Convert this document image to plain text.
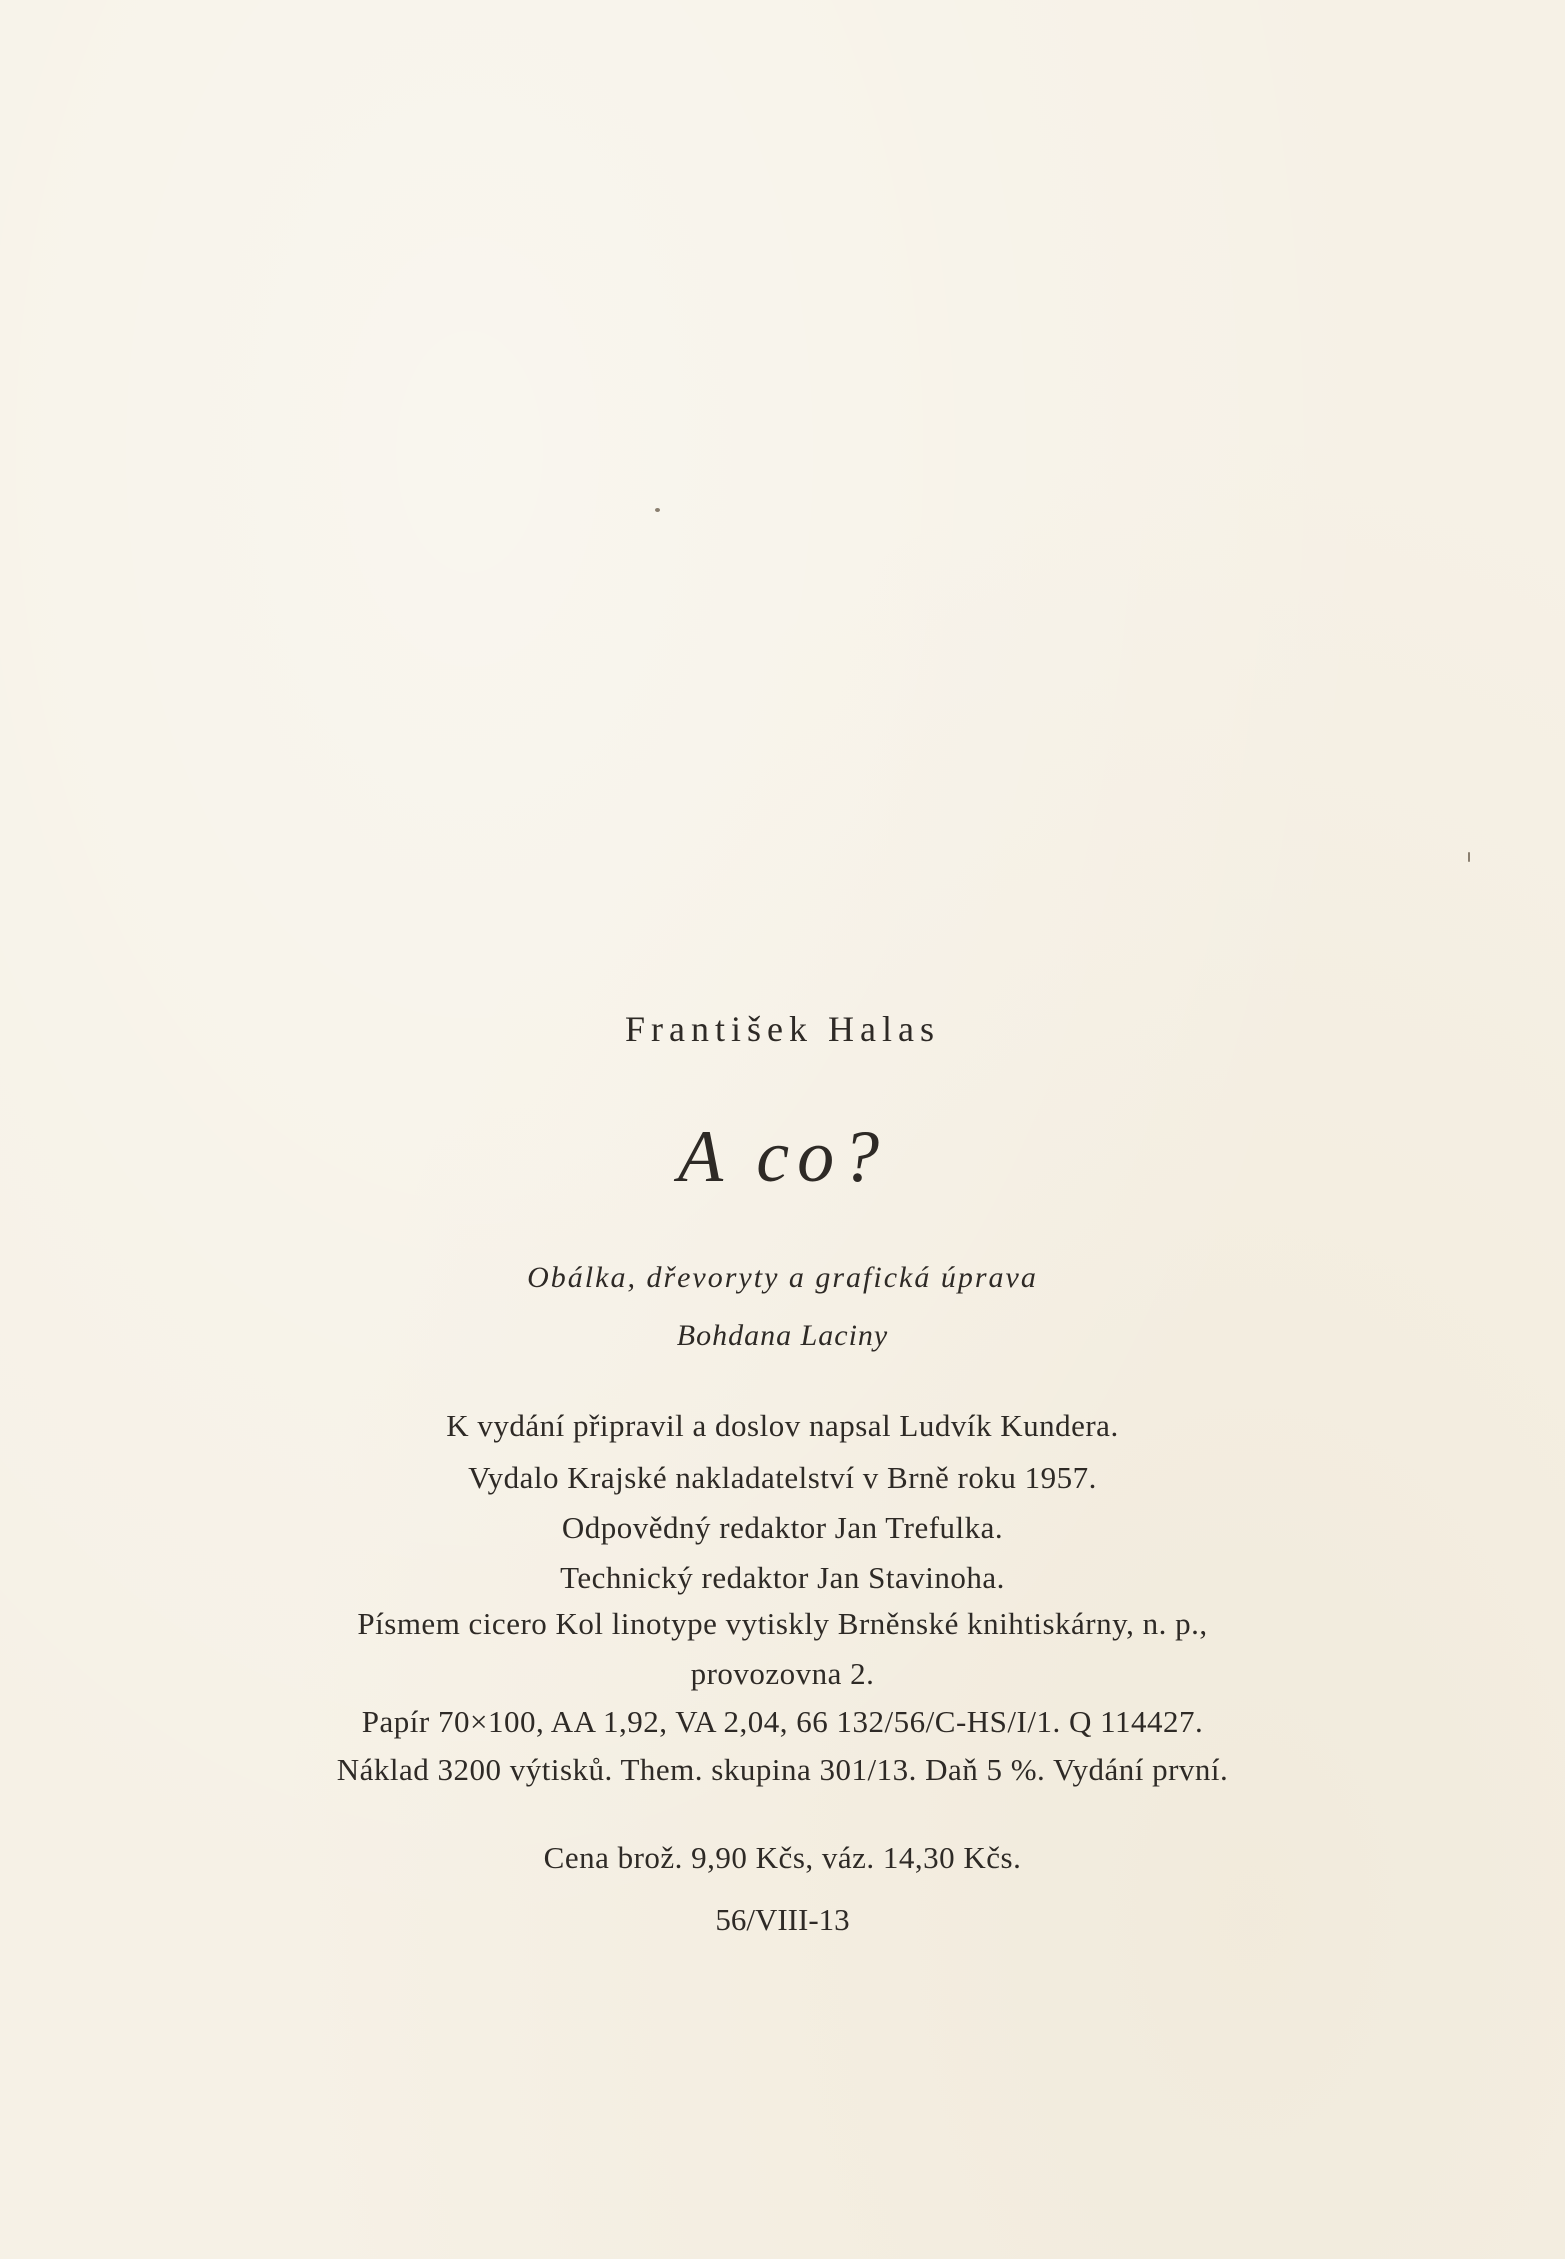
František Halas
A co?
Obálka, dřevoryty a grafická úprava
Bohdana Laciny
K vydání připravil a doslov napsal Ludvík Kundera.
Vydalo Krajské nakladatelství v Brně roku 1957.
Odpovědný redaktor Jan Trefulka.
Technický redaktor Jan Stavinoha.
Písmem cicero Kol linotype vytiskly Brněnské knihtiskárny, n. p.,
provozovna 2.
Papír 70×100, AA 1,92, VA 2,04, 66 132/56/C-HS/I/1. Q 114427.
Náklad 3200 výtisků. Them. skupina 301/13. Daň 5 %. Vydání první.
Cena brož. 9,90 Kčs, váz. 14,30 Kčs.
56/VIII-13
